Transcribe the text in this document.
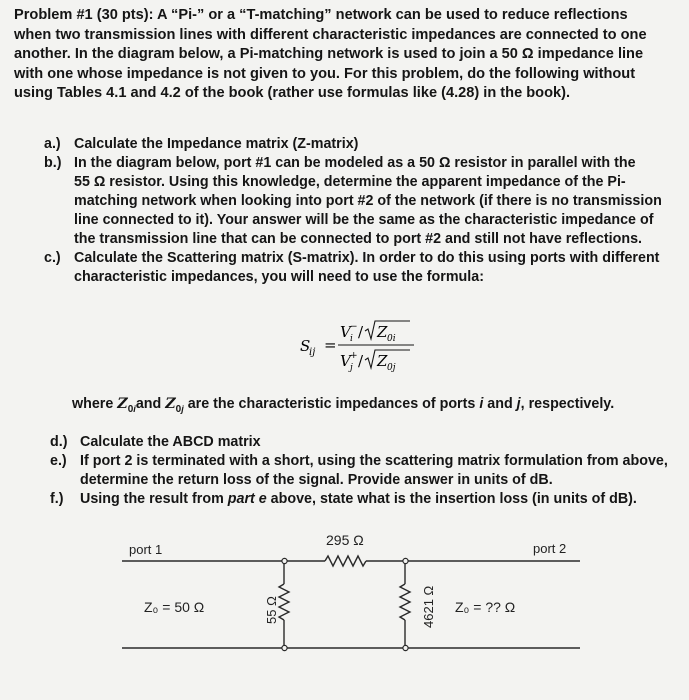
Problem #1 (30 pts): A “Pi-” or a “T-matching” network can be used to reduce reflections

when two transmission lines with different characteristic impedances are connected to one

another. In the diagram below, a Pi-matching network is used to join a 50 Ω impedance line

with one whose impedance is not given to you. For this problem, do the following without

using Tables 4.1 and 4.2 of the book (rather use formulas like (4.28) in the book).

a.) Calculate the Impedance matrix (Z-matrix)
b.) In the diagram below, port #1 can be modeled as a 50 Ω resistor in parallel with the
55 Ω resistor. Using this knowledge, determine the apparent impedance of the Pi-
matching network when looking into port #2 of the network (if there is no transmission
line connected to it). Your answer will be the same as the characteristic impedance of
the transmission line that can be connected to port #2 and still not have reflections.
c.) Calculate the Scattering matrix (S-matrix). In order to do this using ports with different
characteristic impedances, you will need to use the formula:
S
ij =
V i
− / Z 0i
V j
+ / Z 0j
where $Z_{0i}and$ $Z_{0j}$ are the characteristic impedances of ports i and j, respectively.
d.) Calculate the ABCD matrix
e.) If port 2 is terminated with a short, using the scattering matrix formulation from above,
determine the return loss of the signal. Provide answer in units of dB.
f.)	Using the result from part e above, state what is the insertion loss (in units of dB).
port 1	port 2
295 Ω
Z₀ = 50 Ω	Z₀ = ?? Ω
55 Ω	4621 Ω
